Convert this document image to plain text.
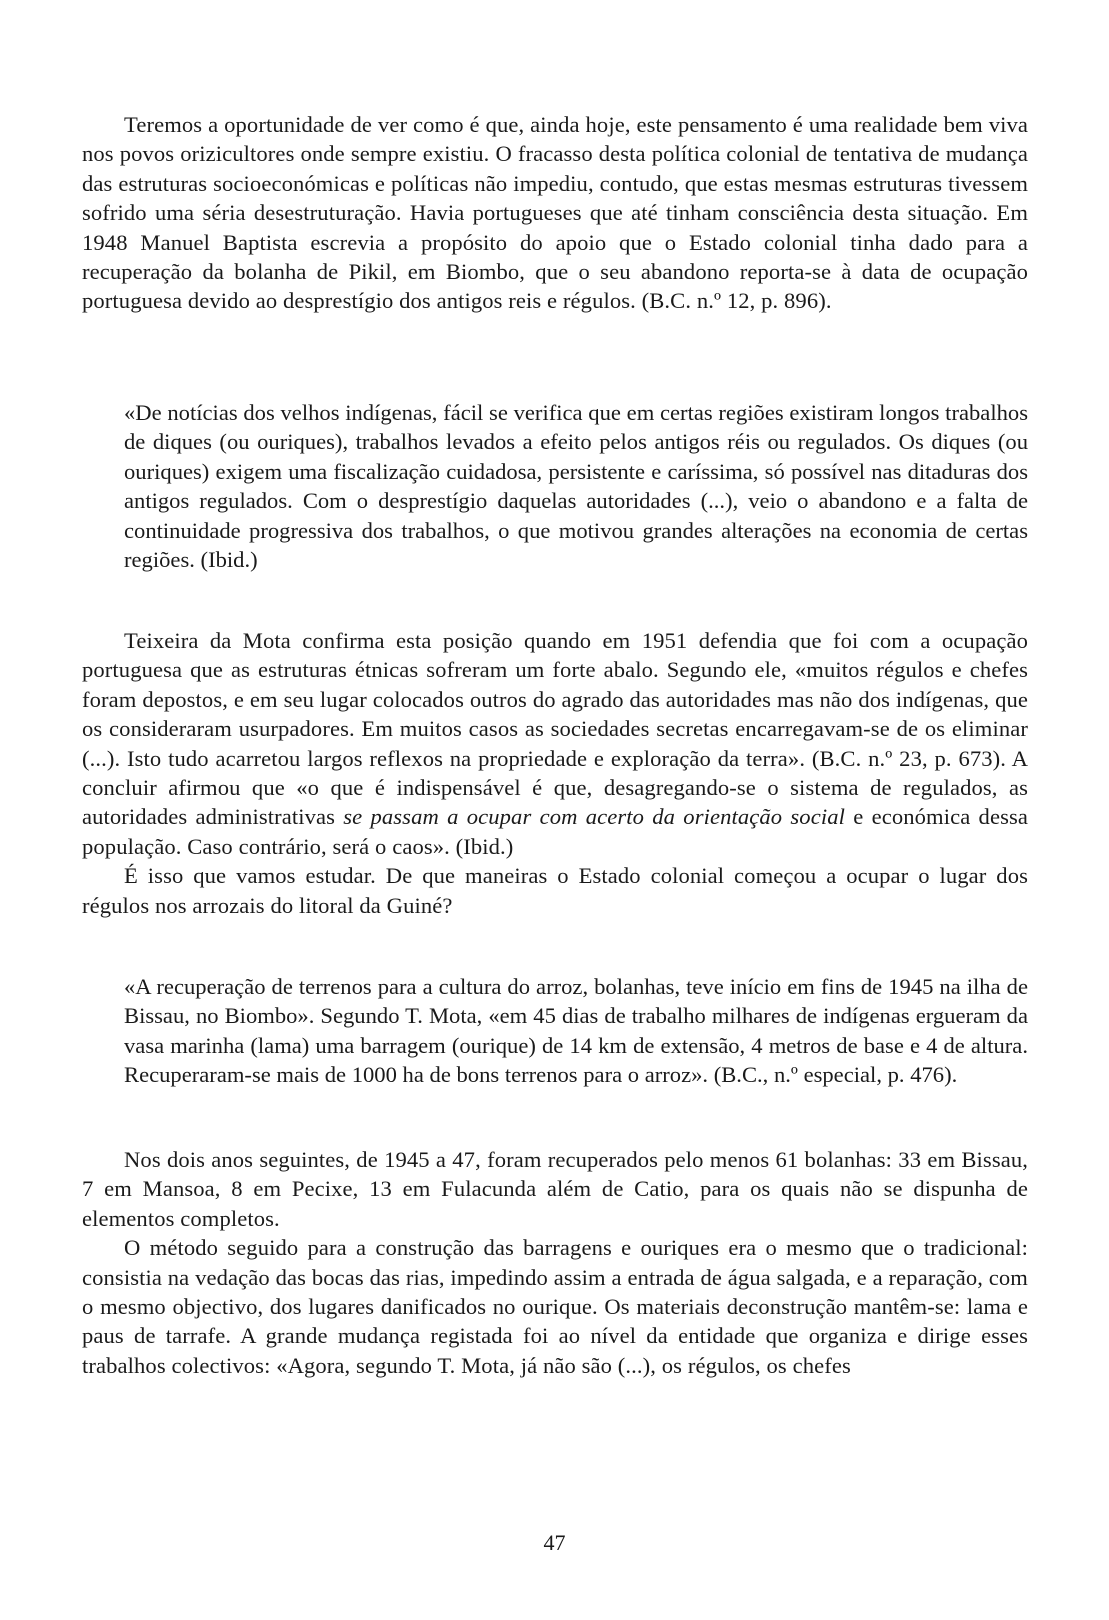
Teremos a oportunidade de ver como é que, ainda hoje, este pensamento é uma realidade bem viva nos povos orizicultores onde sempre existiu. O fracasso desta política colonial de tentativa de mudança das estruturas socioeconómicas e políticas não impediu, contudo, que estas mesmas estruturas tivessem sofrido uma séria desestruturação. Havia portugueses que até tinham consciência desta situação. Em 1948 Manuel Baptista escrevia a propósito do apoio que o Estado colonial tinha dado para a recuperação da bolanha de Pikil, em Biombo, que o seu abandono reporta-se à data de ocupação portuguesa devido ao desprestígio dos antigos reis e régulos. (B.C. n.º 12, p. 896).

«De notícias dos velhos indígenas, fácil se verifica que em certas regiões existiram longos trabalhos de diques (ou ouriques), trabalhos levados a efeito pelos antigos réis ou regulados. Os diques (ou ouriques) exigem uma fiscalização cuidadosa, persistente e caríssima, só possível nas ditaduras dos antigos regulados. Com o desprestígio daquelas autoridades (...), veio o abandono e a falta de continuidade progressiva dos trabalhos, o que motivou grandes alterações na economia de certas regiões. (Ibid.)

Teixeira da Mota confirma esta posição quando em 1951 defendia que foi com a ocupação portuguesa que as estruturas étnicas sofreram um forte abalo. Segundo ele, «muitos régulos e chefes foram depostos, e em seu lugar colocados outros do agrado das autoridades mas não dos indígenas, que os consideraram usurpadores. Em muitos casos as sociedades secretas encarregavam-se de os eliminar (...). Isto tudo acarretou largos reflexos na propriedade e exploração da terra». (B.C. n.º 23, p. 673). A concluir afirmou que «o que é indispensável é que, desagregando-se o sistema de regulados, as autoridades administrativas se passam a ocupar com acerto da orientação social e económica dessa população. Caso contrário, será o caos». (Ibid.)

É isso que vamos estudar. De que maneiras o Estado colonial começou a ocupar o lugar dos régulos nos arrozais do litoral da Guiné?

«A recuperação de terrenos para a cultura do arroz, bolanhas, teve início em fins de 1945 na ilha de Bissau, no Biombo». Segundo T. Mota, «em 45 dias de trabalho milhares de indígenas ergueram da vasa marinha (lama) uma barragem (ourique) de 14 km de extensão, 4 metros de base e 4 de altura. Recuperaram-se mais de 1000 ha de bons terrenos para o arroz». (B.C., n.º especial, p. 476).

Nos dois anos seguintes, de 1945 a 47, foram recuperados pelo menos 61 bolanhas: 33 em Bissau, 7 em Mansoa, 8 em Pecixe, 13 em Fulacunda além de Catio, para os quais não se dispunha de elementos completos.

O método seguido para a construção das barragens e ouriques era o mesmo que o tradicional: consistia na vedação das bocas das rias, impedindo assim a entrada de água salgada, e a reparação, com o mesmo objectivo, dos lugares danificados no ourique. Os materiais deconstrução mantêm-se: lama e paus de tarrafe. A grande mudança registada foi ao nível da entidade que organiza e dirige esses trabalhos colectivos: «Agora, segundo T. Mota, já não são (...), os régulos, os chefes

47
